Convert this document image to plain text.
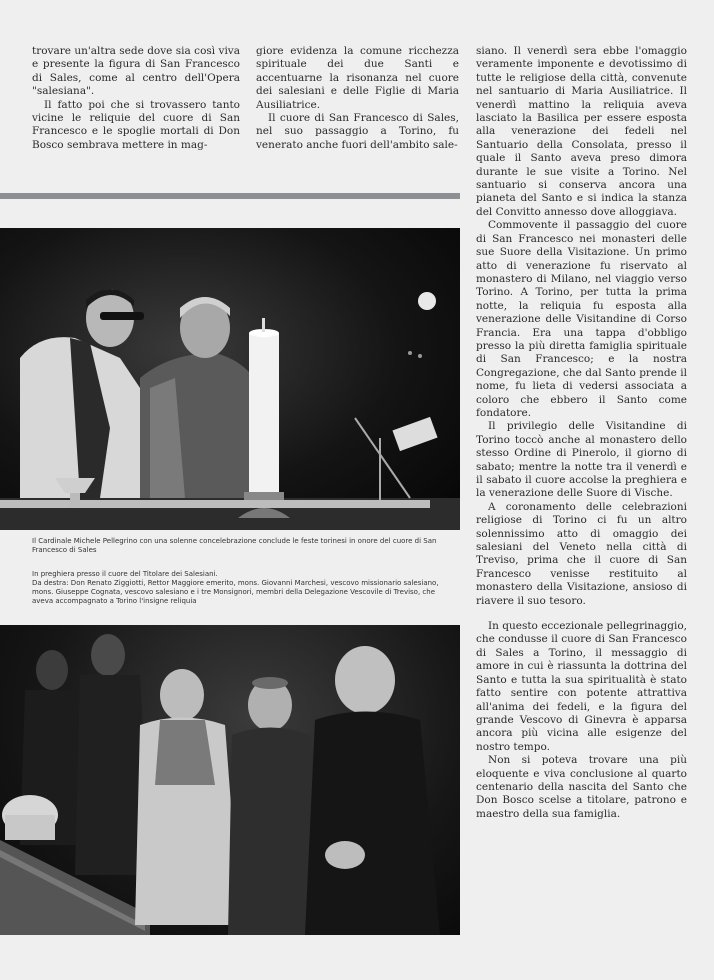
trovare un'altra sede dove sia così viva e presente la figura di San Francesco di Sales, come al centro dell'Opera "salesiana".

Il fatto poi che si trovassero tanto vicine le reliquie del cuore di San Francesco e le spoglie mortali di Don Bosco sembrava mettere in mag-

giore evidenza la comune ricchezza spirituale dei due Santi e accentuarne la risonanza nel cuore dei salesiani e delle Figlie di Maria Ausiliatrice.

Il cuore di San Francesco di Sales, nel suo passaggio a Torino, fu venerato anche fuori dell'ambito sale-

siano. Il venerdì sera ebbe l'omaggio veramente imponente e devotissimo di tutte le religiose della città, convenute nel santuario di Maria Ausiliatrice. Il venerdì mattino la reliquia aveva lasciato la Basilica per essere esposta alla venerazione dei fedeli nel Santuario della Consolata, presso il quale il Santo aveva preso dimora durante le sue visite a Torino. Nel santuario si conserva ancora una pianeta del Santo e si indica la stanza del Convitto annesso dove alloggiava.

Commovente il passaggio del cuore di San Francesco nei monasteri delle sue Suore della Visitazione. Un primo atto di venerazione fu riservato al monastero di Milano, nel viaggio verso Torino. A Torino, per tutta la prima notte, la reliquia fu esposta alla venerazione delle Visitandine di Corso Francia. Era una tappa d'obbligo presso la più diretta famiglia spirituale di San Francesco; e la nostra Congregazione, che dal Santo prende il nome, fu lieta di vedersi associata a coloro che ebbero il Santo come fondatore.

Il privilegio delle Visitandine di Torino toccò anche al monastero dello stesso Ordine di Pinerolo, il giorno di sabato; mentre la notte tra il venerdì e il sabato il cuore accolse la preghiera e la venerazione delle Suore di Vische.

A coronamento delle celebrazioni religiose di Torino ci fu un altro solennissimo atto di omaggio dei salesiani del Veneto nella città di Treviso, prima che il cuore di San Francesco venisse restituito al monastero della Visitazione, ansioso di riavere il suo tesoro.

In questo eccezionale pellegrinaggio, che condusse il cuore di San Francesco di Sales a Torino, il messaggio di amore in cui è riassunta la dottrina del Santo e tutta la sua spiritualità è stato fatto sentire con potente attrattiva all'anima dei fedeli, e la figura del grande Vescovo di Ginevra è apparsa ancora più vicina alle esigenze del nostro tempo.

Non si poteva trovare una più eloquente e viva conclusione al quarto centenario della nascita del Santo che Don Bosco scelse a titolare, patrono e maestro della sua famiglia.

Il Cardinale Michele Pellegrino con una solenne concelebrazione conclude le feste torinesi in onore del cuore di San Francesco di Sales
In preghiera presso il cuore del Titolare dei Salesiani.
Da destra: Don Renato Ziggiotti, Rettor Maggiore emerito, mons. Giovanni Marchesi, vescovo missionario salesiano, mons. Giuseppe Cognata, vescovo salesiano e i tre Monsignori, membri della Delegazione Vescovile di Treviso, che aveva accompagnato a Torino l'insigne reliquia
